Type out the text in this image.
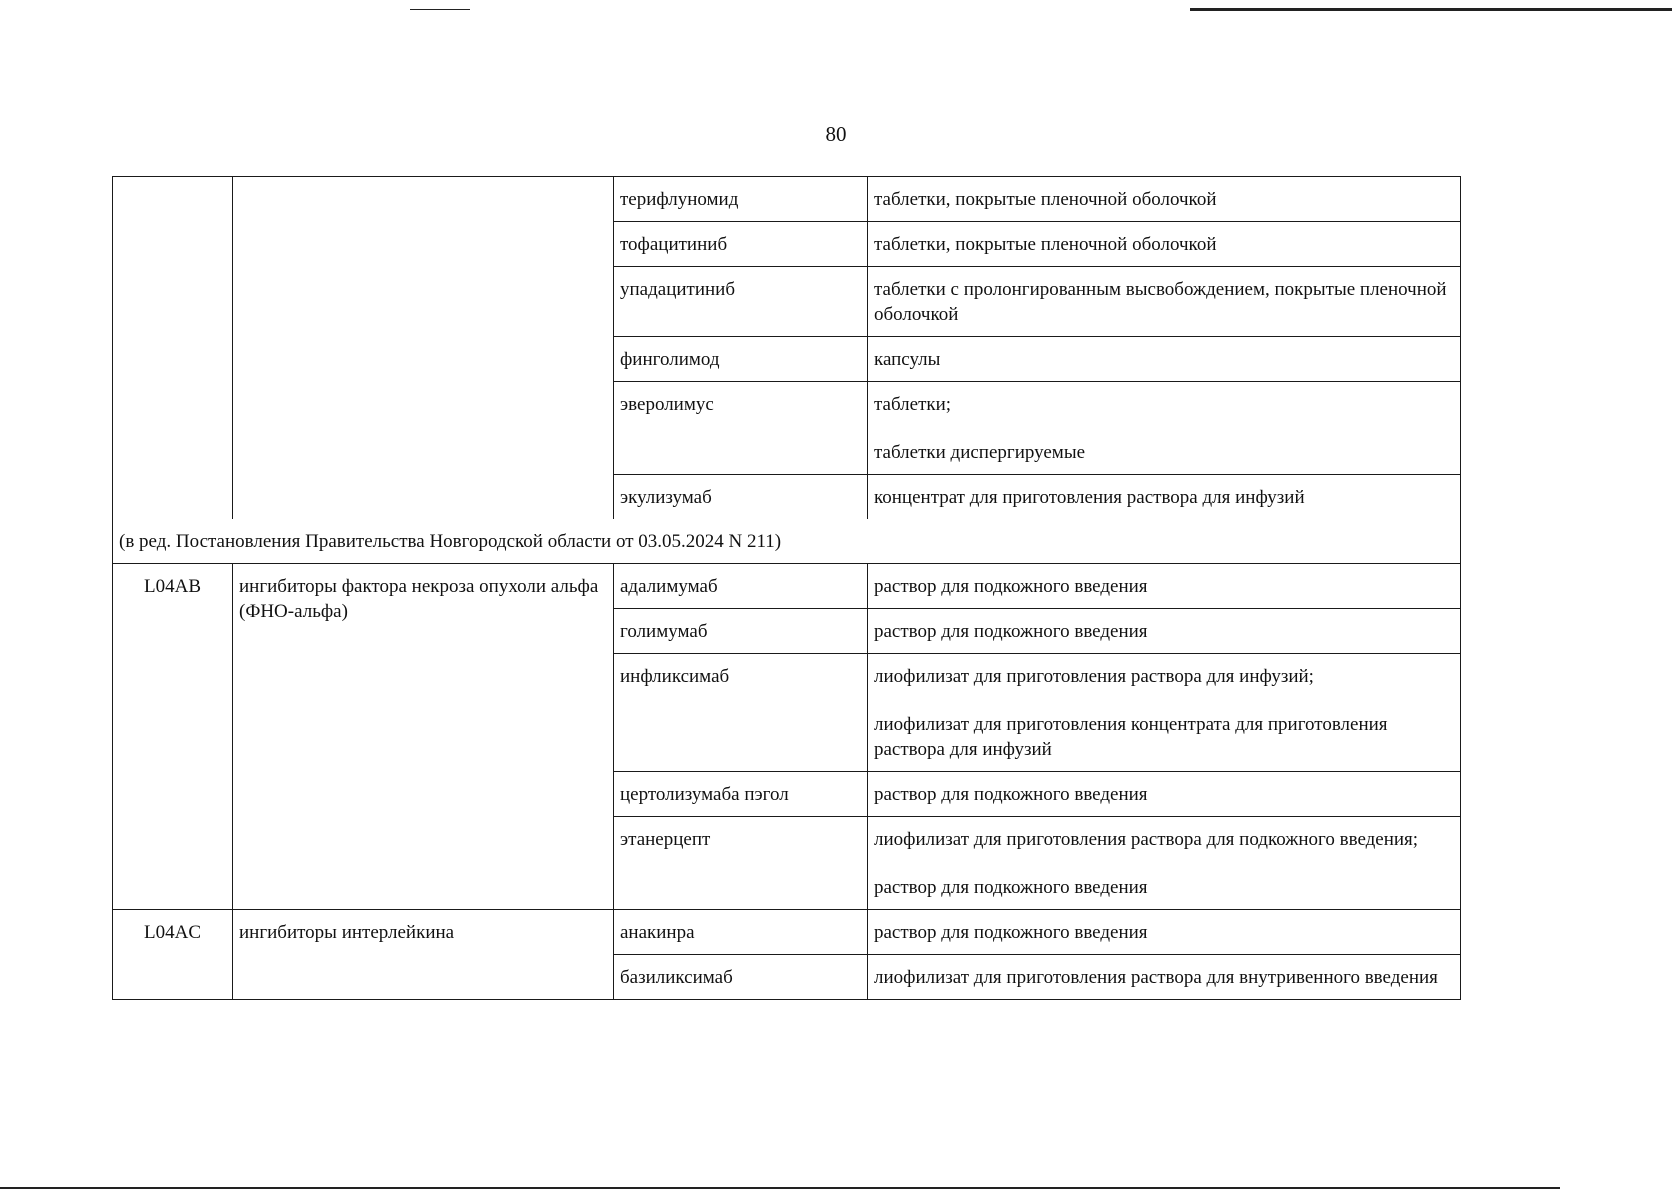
80
		терифлуномид	таблетки, покрытые пленочной оболочкой

		тофацитиниб	таблетки, покрытые пленочной оболочкой

		упадацитиниб	таблетки с пролонгированным высвобождением, покрытые пленочной оболочкой

		финголимод	капсулы

		эверолимус	таблетки;
таблетки диспергируемые

		экулизумаб	концентрат для приготовления раствора для инфузий

(в ред. Постановления Правительства Новгородской области от 03.05.2024 N 211)			
L04AB	ингибиторы фактора некроза опухоли альфа (ФНО-альфа)	адалимумаб	раствор для подкожного введения

		голимумаб	раствор для подкожного введения

		инфликсимаб	лиофилизат для приготовления раствора для инфузий;
лиофилизат для приготовления концентрата для приготовления раствора для инфузий

		цертолизумаба пэгол	раствор для подкожного введения

		этанерцепт	лиофилизат для приготовления раствора для подкожного введения;
раствор для подкожного введения

L04AC	ингибиторы интерлейкина	анакинра	раствор для подкожного введения

		базиликсимаб	лиофилизат для приготовления раствора для внутривенного введения
